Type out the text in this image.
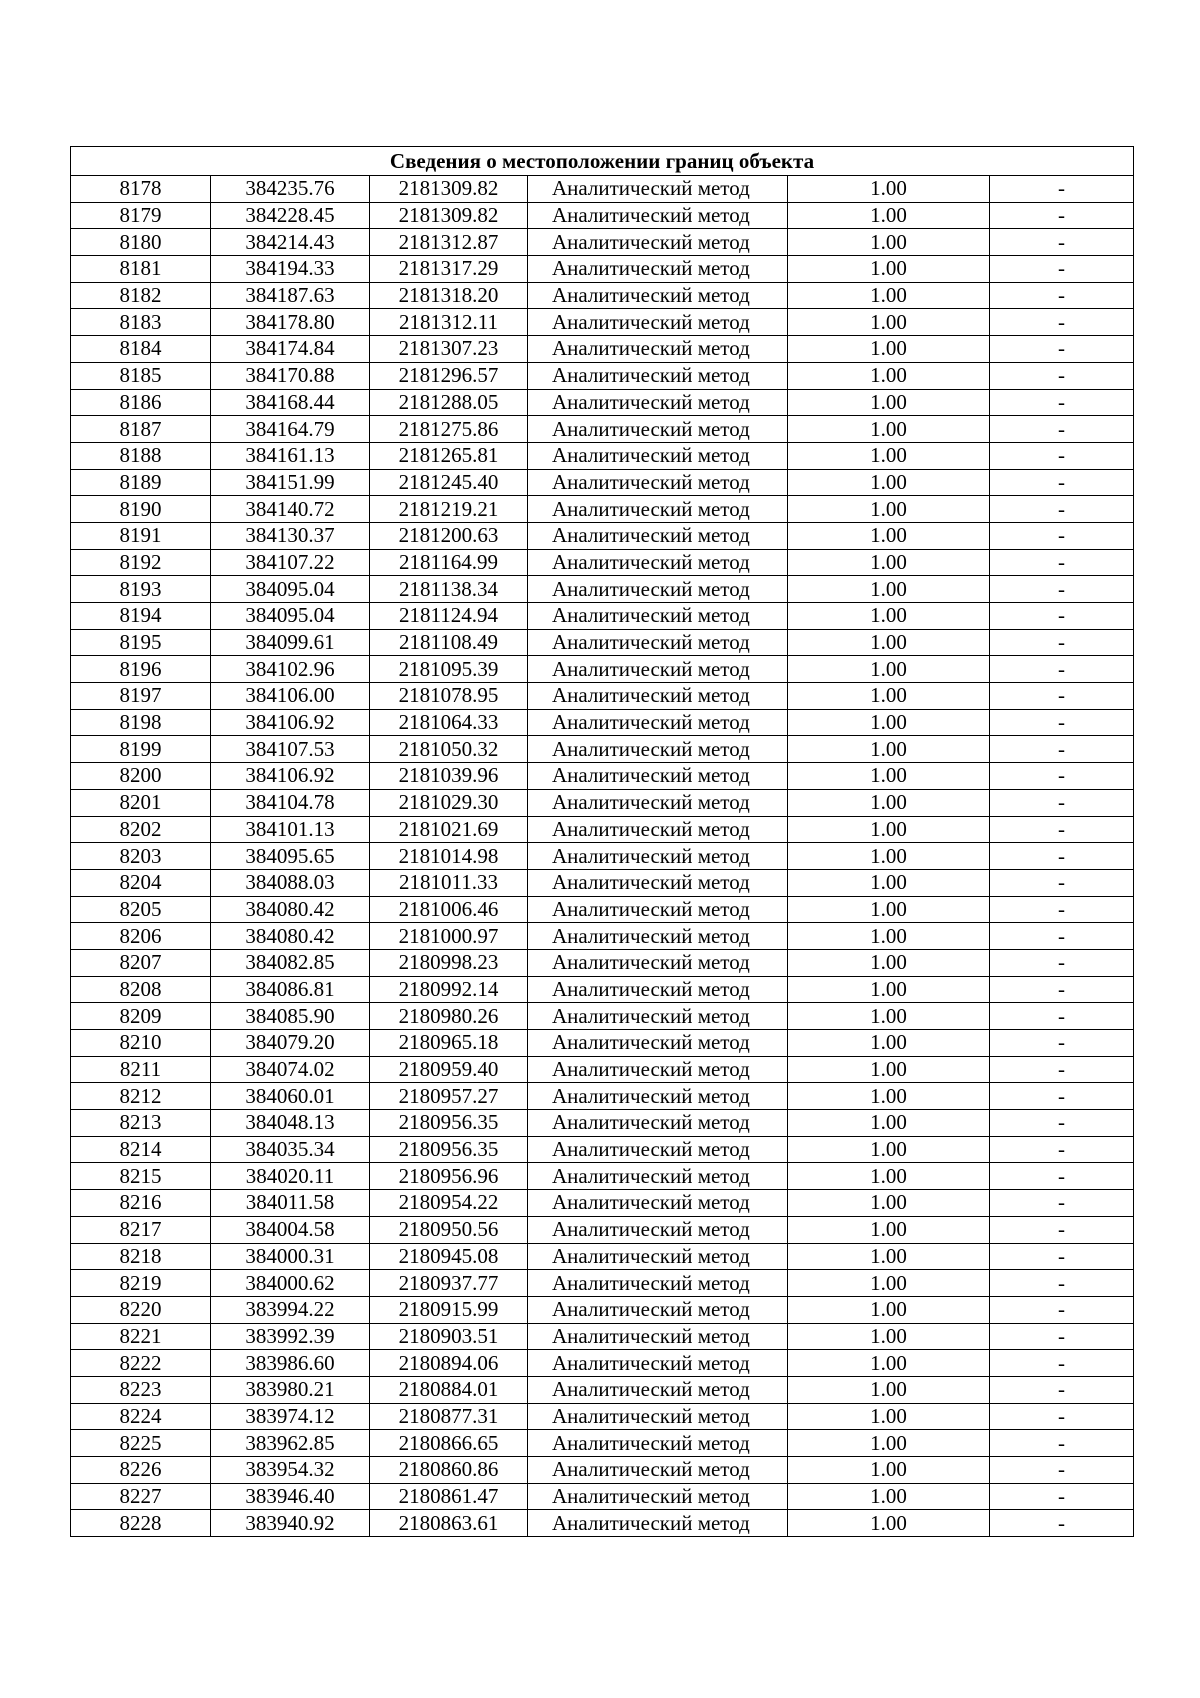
Сведения о местоположении границ объекта					
8178	384235.76	2181309.82	Аналитический метод	1.00	-
8179	384228.45	2181309.82	Аналитический метод	1.00	-
8180	384214.43	2181312.87	Аналитический метод	1.00	-
8181	384194.33	2181317.29	Аналитический метод	1.00	-
8182	384187.63	2181318.20	Аналитический метод	1.00	-
8183	384178.80	2181312.11	Аналитический метод	1.00	-
8184	384174.84	2181307.23	Аналитический метод	1.00	-
8185	384170.88	2181296.57	Аналитический метод	1.00	-
8186	384168.44	2181288.05	Аналитический метод	1.00	-
8187	384164.79	2181275.86	Аналитический метод	1.00	-
8188	384161.13	2181265.81	Аналитический метод	1.00	-
8189	384151.99	2181245.40	Аналитический метод	1.00	-
8190	384140.72	2181219.21	Аналитический метод	1.00	-
8191	384130.37	2181200.63	Аналитический метод	1.00	-
8192	384107.22	2181164.99	Аналитический метод	1.00	-
8193	384095.04	2181138.34	Аналитический метод	1.00	-
8194	384095.04	2181124.94	Аналитический метод	1.00	-
8195	384099.61	2181108.49	Аналитический метод	1.00	-
8196	384102.96	2181095.39	Аналитический метод	1.00	-
8197	384106.00	2181078.95	Аналитический метод	1.00	-
8198	384106.92	2181064.33	Аналитический метод	1.00	-
8199	384107.53	2181050.32	Аналитический метод	1.00	-
8200	384106.92	2181039.96	Аналитический метод	1.00	-
8201	384104.78	2181029.30	Аналитический метод	1.00	-
8202	384101.13	2181021.69	Аналитический метод	1.00	-
8203	384095.65	2181014.98	Аналитический метод	1.00	-
8204	384088.03	2181011.33	Аналитический метод	1.00	-
8205	384080.42	2181006.46	Аналитический метод	1.00	-
8206	384080.42	2181000.97	Аналитический метод	1.00	-
8207	384082.85	2180998.23	Аналитический метод	1.00	-
8208	384086.81	2180992.14	Аналитический метод	1.00	-
8209	384085.90	2180980.26	Аналитический метод	1.00	-
8210	384079.20	2180965.18	Аналитический метод	1.00	-
8211	384074.02	2180959.40	Аналитический метод	1.00	-
8212	384060.01	2180957.27	Аналитический метод	1.00	-
8213	384048.13	2180956.35	Аналитический метод	1.00	-
8214	384035.34	2180956.35	Аналитический метод	1.00	-
8215	384020.11	2180956.96	Аналитический метод	1.00	-
8216	384011.58	2180954.22	Аналитический метод	1.00	-
8217	384004.58	2180950.56	Аналитический метод	1.00	-
8218	384000.31	2180945.08	Аналитический метод	1.00	-
8219	384000.62	2180937.77	Аналитический метод	1.00	-
8220	383994.22	2180915.99	Аналитический метод	1.00	-
8221	383992.39	2180903.51	Аналитический метод	1.00	-
8222	383986.60	2180894.06	Аналитический метод	1.00	-
8223	383980.21	2180884.01	Аналитический метод	1.00	-
8224	383974.12	2180877.31	Аналитический метод	1.00	-
8225	383962.85	2180866.65	Аналитический метод	1.00	-
8226	383954.32	2180860.86	Аналитический метод	1.00	-
8227	383946.40	2180861.47	Аналитический метод	1.00	-
8228	383940.92	2180863.61	Аналитический метод	1.00	-
